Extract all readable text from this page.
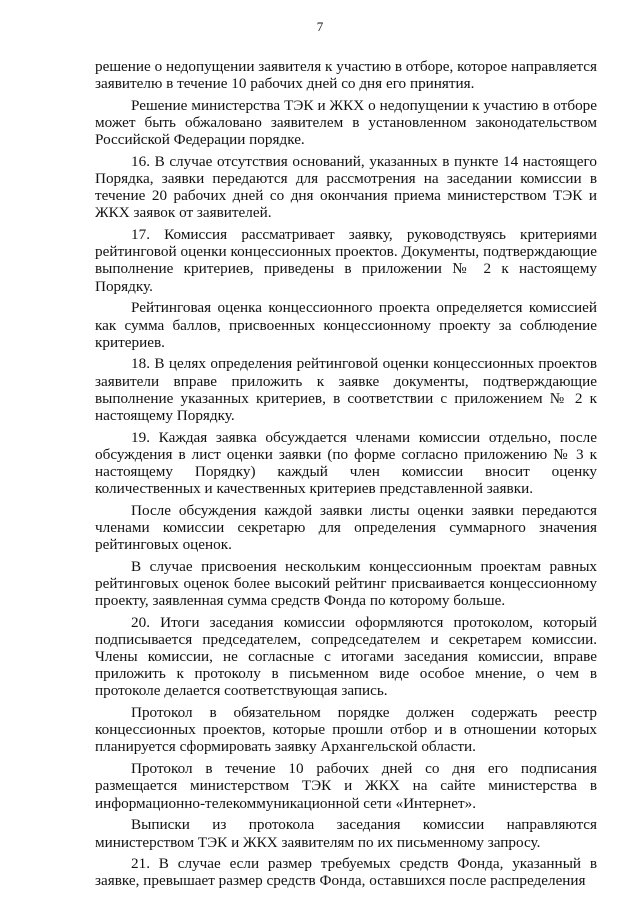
7

решение о недопущении заявителя к участию в отборе, которое направляется заявителю в течение 10 рабочих дней со дня его принятия.

Решение министерства ТЭК и ЖКХ о недопущении к участию в отборе может быть обжаловано заявителем в установленном законодательством Российской Федерации порядке.

16. В случае отсутствия оснований, указанных в пункте 14 настоящего Порядка, заявки передаются для рассмотрения на заседании комиссии в течение 20 рабочих дней со дня окончания приема министерством ТЭК и ЖКХ заявок от заявителей.

17. Комиссия рассматривает заявку, руководствуясь критериями рейтинговой оценки концессионных проектов. Документы, подтверждающие выполнение критериев, приведены в приложении № 2 к настоящему Порядку.

Рейтинговая оценка концессионного проекта определяется комиссией как сумма баллов, присвоенных концессионному проекту за соблюдение критериев.

18. В целях определения рейтинговой оценки концессионных проектов заявители вправе приложить к заявке документы, подтверждающие выполнение указанных критериев, в соответствии с приложением № 2 к настоящему Порядку.

19. Каждая заявка обсуждается членами комиссии отдельно, после обсуждения в лист оценки заявки (по форме согласно приложению № 3 к настоящему Порядку) каждый член комиссии вносит оценку количественных и качественных критериев представленной заявки.

После обсуждения каждой заявки листы оценки заявки передаются членами комиссии секретарю для определения суммарного значения рейтинговых оценок.

В случае присвоения нескольким концессионным проектам равных рейтинговых оценок более высокий рейтинг присваивается концессионному проекту, заявленная сумма средств Фонда по которому больше.

20. Итоги заседания комиссии оформляются протоколом, который подписывается председателем, сопредседателем и секретарем комиссии. Члены комиссии, не согласные с итогами заседания комиссии, вправе приложить к протоколу в письменном виде особое мнение, о чем в протоколе делается соответствующая запись.

Протокол в обязательном порядке должен содержать реестр концессионных проектов, которые прошли отбор и в отношении которых планируется сформировать заявку Архангельской области.

Протокол в течение 10 рабочих дней со дня его подписания размещается министерством ТЭК и ЖКХ на сайте министерства в информационно-телекоммуникационной сети «Интернет».

Выписки из протокола заседания комиссии направляются министерством ТЭК и ЖКХ заявителям по их письменному запросу.

21. В случае если размер требуемых средств Фонда, указанный в заявке, превышает размер средств Фонда, оставшихся после распределения
